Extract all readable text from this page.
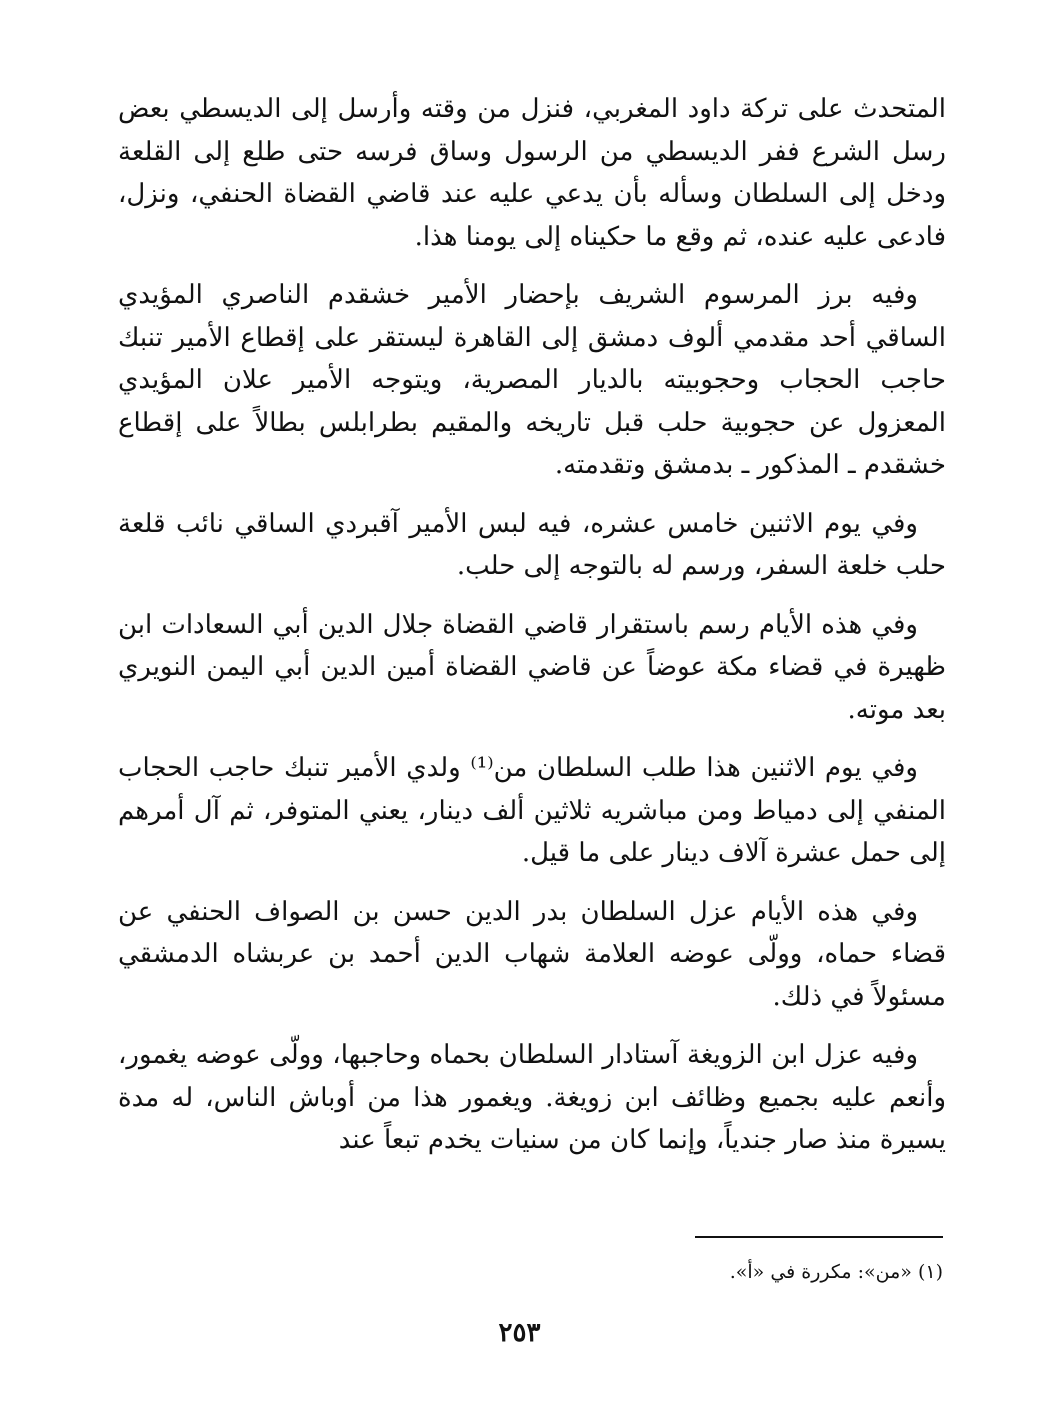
المتحدث على تركة داود المغربي، فنزل من وقته وأرسل إلى الديسطي بعض رسل الشرع ففر الديسطي من الرسول وساق فرسه حتى طلع إلى القلعة ودخل إلى السلطان وسأله بأن يدعي عليه عند قاضي القضاة الحنفي، ونزل، فادعى عليه عنده، ثم وقع ما حكيناه إلى يومنا هذا.

وفيه برز المرسوم الشريف بإحضار الأمير خشقدم الناصري المؤيدي الساقي أحد مقدمي ألوف دمشق إلى القاهرة ليستقر على إقطاع الأمير تنبك حاجب الحجاب وحجوبيته بالديار المصرية، ويتوجه الأمير علان المؤيدي المعزول عن حجوبية حلب قبل تاريخه والمقيم بطرابلس بطالاً على إقطاع خشقدم ـ المذكور ـ بدمشق وتقدمته.

وفي يوم الاثنين خامس عشره، فيه لبس الأمير آقبردي الساقي نائب قلعة حلب خلعة السفر، ورسم له بالتوجه إلى حلب.

وفي هذه الأيام رسم باستقرار قاضي القضاة جلال الدين أبي السعادات ابن ظهيرة في قضاء مكة عوضاً عن قاضي القضاة أمين الدين أبي اليمن النويري بعد موته.

وفي يوم الاثنين هذا طلب السلطان من⁽¹⁾ ولدي الأمير تنبك حاجب الحجاب المنفي إلى دمياط ومن مباشريه ثلاثين ألف دينار، يعني المتوفر، ثم آل أمرهم إلى حمل عشرة آلاف دينار على ما قيل.

وفي هذه الأيام عزل السلطان بدر الدين حسن بن الصواف الحنفي عن قضاء حماه، وولّى عوضه العلامة شهاب الدين أحمد بن عربشاه الدمشقي مسئولاً في ذلك.

وفيه عزل ابن الزويغة آستادار السلطان بحماه وحاجبها، وولّى عوضه يغمور، وأنعم عليه بجميع وظائف ابن زويغة. ويغمور هذا من أوباش الناس، له مدة يسيرة منذ صار جندياً، وإنما كان من سنيات يخدم تبعاً عند

(١) «من»: مكررة في «أ».
٢٥٣
